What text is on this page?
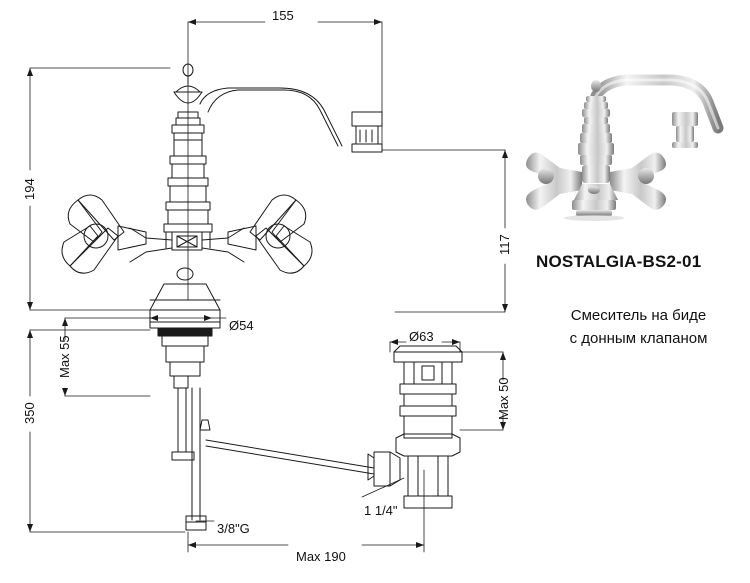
155
194
117
Max 55
Ø54
Ø63
Max 50
350
3/8"G
1 1/4"
Max 190
NOSTALGIA-BS2-01
Смеситель на биде
с донным клапаном
